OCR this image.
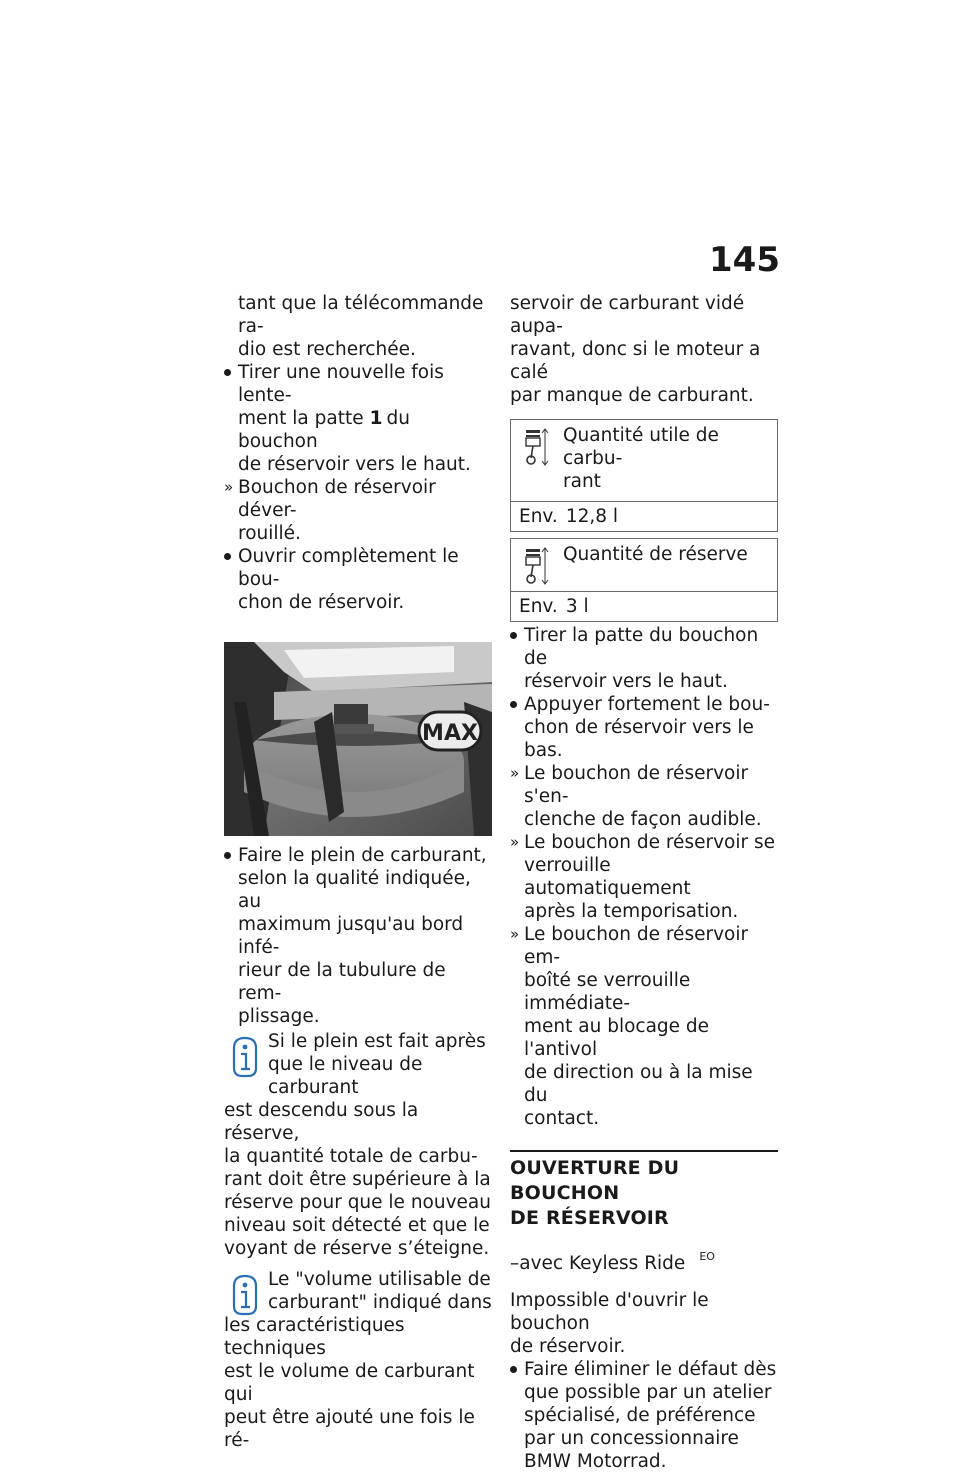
145

tant que la télécommande ra-
dio est recherchée.

Tirer une nouvelle fois lente-
ment la patte 1 du bouchon
de réservoir vers le haut.
» Bouchon de réservoir déver-
rouillé.
Ouvrir complètement le bou-
chon de réservoir.
MAX
Faire le plein de carburant,
selon la qualité indiquée, au
maximum jusqu'au bord infé-
rieur de la tubulure de rem-
plissage.
Si le plein est fait après
que le niveau de carburant
est descendu sous la réserve,
la quantité totale de carbu-
rant doit être supérieure à la
réserve pour que le nouveau
niveau soit détecté et que le
voyant de réserve s’éteigne.
Le "volume utilisable de
carburant" indiqué dans
les caractéristiques techniques
est le volume de carburant qui
peut être ajouté une fois le ré-

servoir de carburant vidé aupa-
ravant, donc si le moteur a calé
par manque de carburant.

Quantité utile de carbu-
rant

Env. 12,8 l
Quantité de réserve

Env. 3 l
Tirer la patte du bouchon de
réservoir vers le haut.
Appuyer fortement le bou-
chon de réservoir vers le bas.
» Le bouchon de réservoir s'en-
clenche de façon audible.
» Le bouchon de réservoir se
verrouille automatiquement
après la temporisation.
» Le bouchon de réservoir em-
boîté se verrouille immédiate-
ment au blocage de l'antivol
de direction ou à la mise du
contact.
OUVERTURE DU BOUCHON
DE RÉSERVOIR

–avec Keyless Ride $^{EO}$

Impossible d'ouvrir le bouchon
de réservoir.

Faire éliminer le défaut dès
que possible par un atelier
spécialisé, de préférence
par un concessionnaire
BMW Motorrad.
